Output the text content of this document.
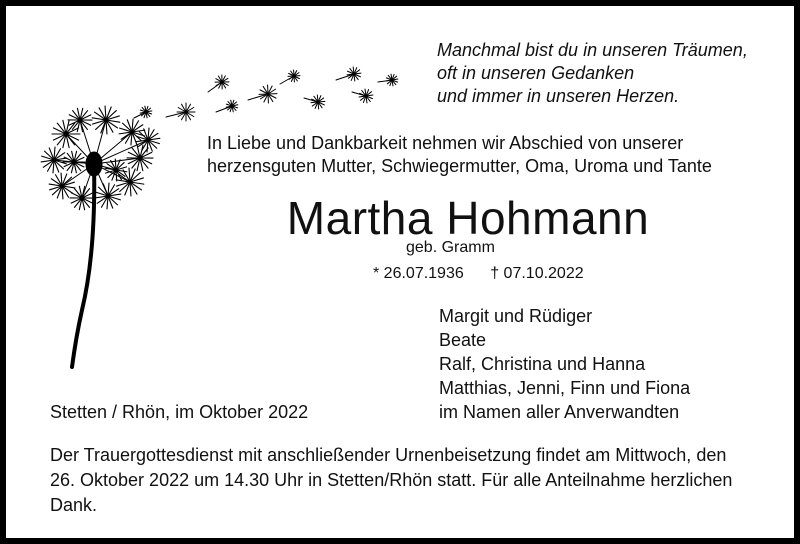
Manchmal bist du in unseren Träumen,
oft in unseren Gedanken
und immer in unseren Herzen.
In Liebe und Dankbarkeit nehmen wir Abschied von unserer
herzensguten Mutter, Schwiegermutter, Oma, Uroma und Tante
Martha Hohmann
geb. Gramm
* 26.07.1936 † 07.10.2022
Margit und Rüdiger
Beate
Ralf, Christina und Hanna
Matthias, Jenni, Finn und Fiona
im Namen aller Anverwandten
Stetten / Rhön, im Oktober 2022
Der Trauergottesdienst mit anschließender Urnenbeisetzung findet am Mittwoch, den
26. Oktober 2022 um 14.30 Uhr in Stetten/Rhön statt. Für alle Anteilnahme herzlichen
Dank.
